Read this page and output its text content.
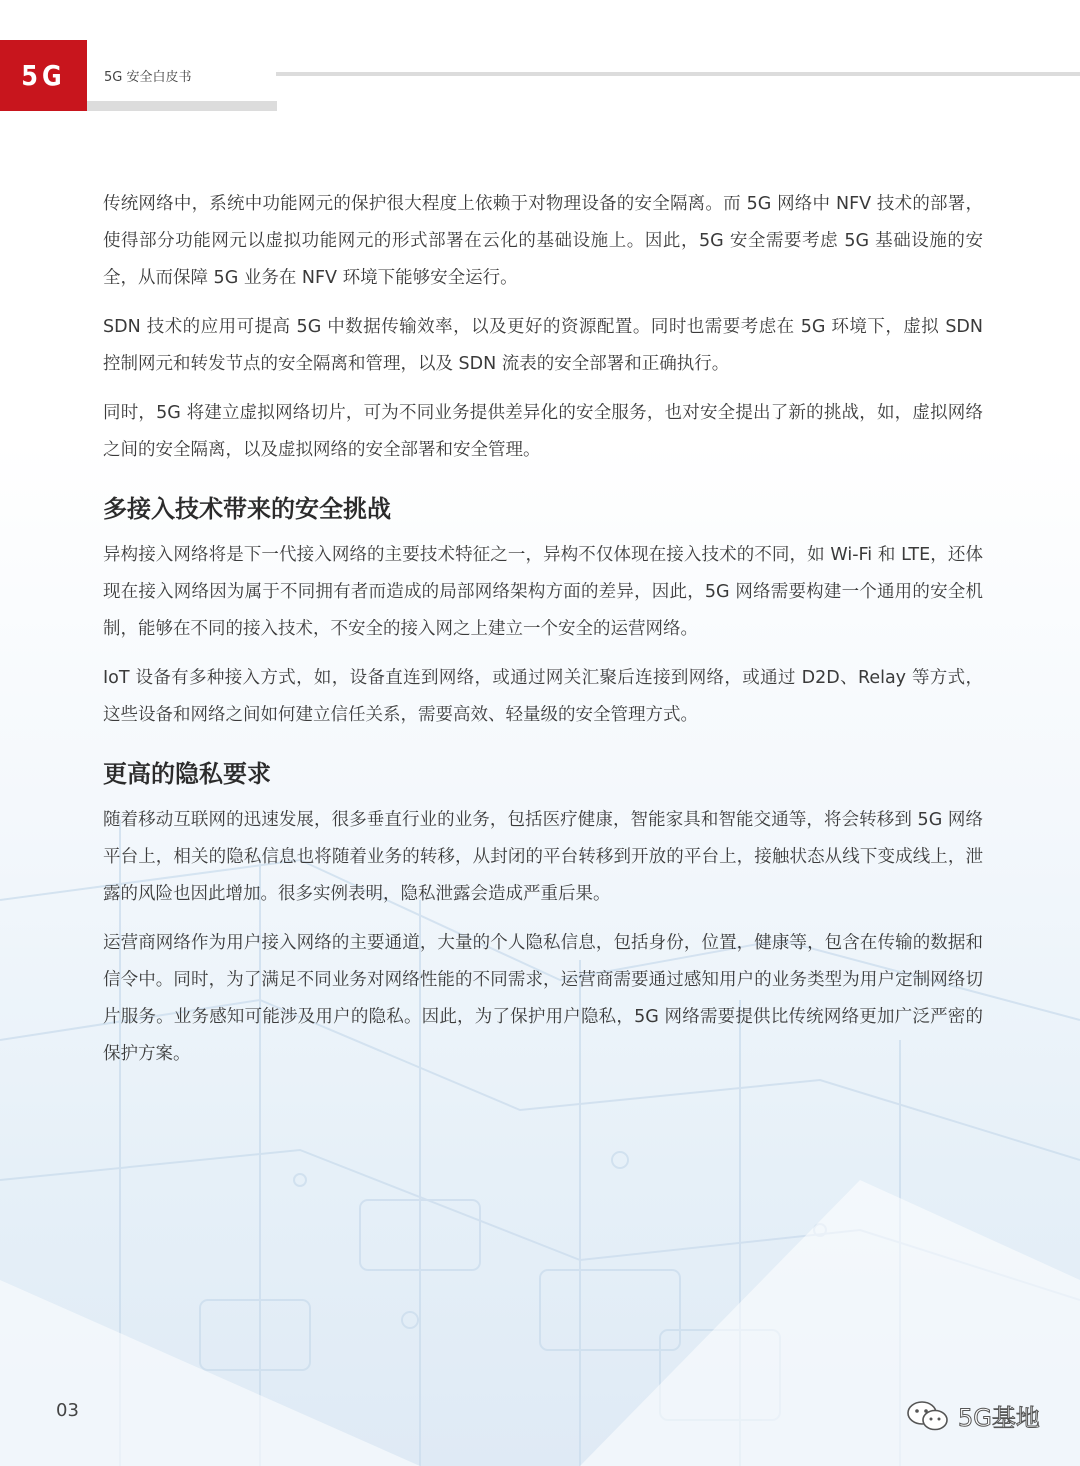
5G	5G 安全白皮书

传统网络中，系统中功能网元的保护很大程度上依赖于对物理设备的安全隔离。而 5G 网络中 NFV 技术的部署，使得部分功能网元以虚拟功能网元的形式部署在云化的基础设施上。因此，5G 安全需要考虑 5G 基础设施的安全，从而保障 5G 业务在 NFV 环境下能够安全运行。

SDN 技术的应用可提高 5G 中数据传输效率，以及更好的资源配置。同时也需要考虑在 5G 环境下，虚拟 SDN 控制网元和转发节点的安全隔离和管理，以及 SDN 流表的安全部署和正确执行。

同时，5G 将建立虚拟网络切片，可为不同业务提供差异化的安全服务，也对安全提出了新的挑战，如，虚拟网络之间的安全隔离，以及虚拟网络的安全部署和安全管理。

多接入技术带来的安全挑战

异构接入网络将是下一代接入网络的主要技术特征之一，异构不仅体现在接入技术的不同，如 Wi-Fi 和 LTE，还体现在接入网络因为属于不同拥有者而造成的局部网络架构方面的差异，因此，5G 网络需要构建一个通用的安全机制，能够在不同的接入技术，不安全的接入网之上建立一个安全的运营网络。

IoT 设备有多种接入方式，如，设备直连到网络，或通过网关汇聚后连接到网络，或通过 D2D、Relay 等方式，这些设备和网络之间如何建立信任关系，需要高效、轻量级的安全管理方式。

更高的隐私要求

随着移动互联网的迅速发展，很多垂直行业的业务，包括医疗健康，智能家具和智能交通等，将会转移到 5G 网络平台上，相关的隐私信息也将随着业务的转移，从封闭的平台转移到开放的平台上，接触状态从线下变成线上，泄露的风险也因此增加。很多实例表明，隐私泄露会造成严重后果。

运营商网络作为用户接入网络的主要通道，大量的个人隐私信息，包括身份，位置，健康等，包含在传输的数据和信令中。同时，为了满足不同业务对网络性能的不同需求，运营商需要通过感知用户的业务类型为用户定制网络切片服务。业务感知可能涉及用户的隐私。因此，为了保护用户隐私，5G 网络需要提供比传统网络更加广泛严密的保护方案。

03	5G基地
